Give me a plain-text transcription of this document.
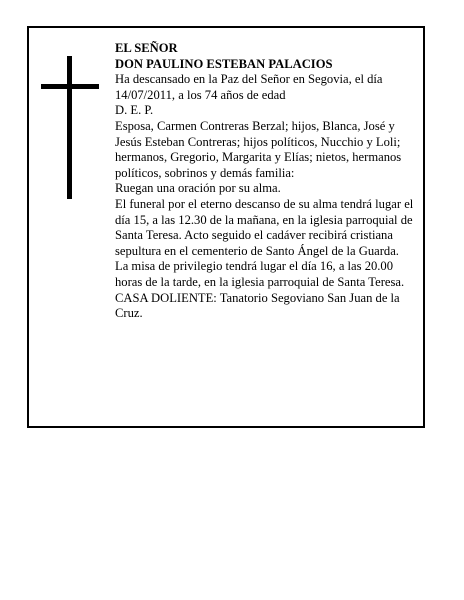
EL SEÑOR

DON PAULINO ESTEBAN PALACIOS

Ha descansado en la Paz del Señor en Segovia, el día 14/07/2011, a los 74 años de edad

D. E. P.

Esposa, Carmen Contreras Berzal; hijos, Blanca, José y Jesús Esteban Contreras; hijos políticos, Nucchio y Loli; hermanos, Gregorio, Margarita y Elías; nietos, hermanos políticos, sobrinos y demás familia:

Ruegan una oración por su alma.

El funeral por el eterno descanso de su alma tendrá lugar el día 15, a las 12.30 de la mañana, en la iglesia parroquial de Santa Teresa. Acto seguido el cadáver recibirá cristiana sepultura en el cementerio de Santo Ángel de la Guarda.

La misa de privilegio tendrá lugar el día 16, a las 20.00 horas de la tarde, en la iglesia parroquial de Santa Teresa.

CASA DOLIENTE: Tanatorio Segoviano San Juan de la Cruz.
